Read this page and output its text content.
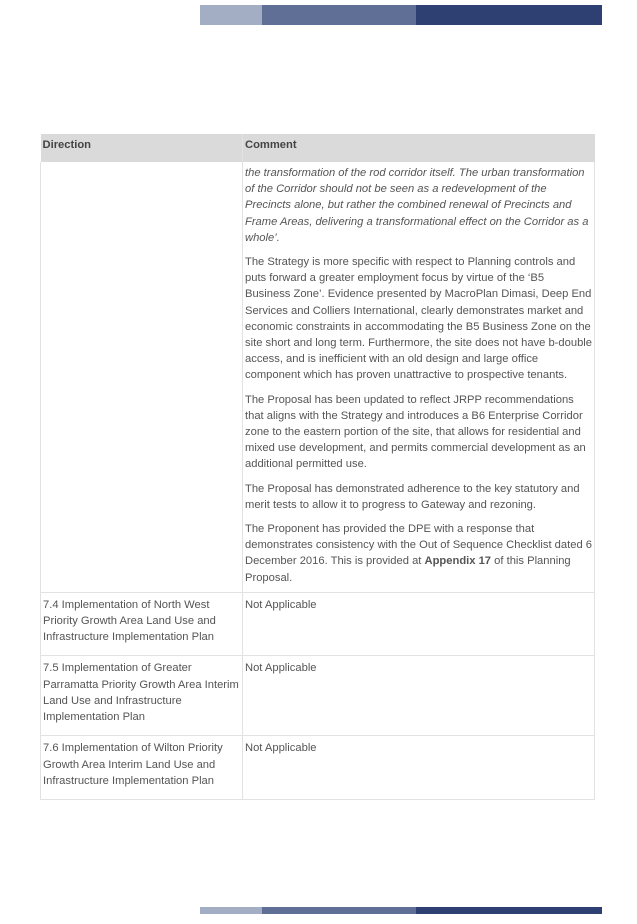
Direction	Comment

	the transformation of the rod corridor itself. The urban transformation of the Corridor should not be seen as a redevelopment of the Precincts alone, but rather the combined renewal of Precincts and Frame Areas, delivering a transformational effect on the Corridor as a whole’.

The Strategy is more specific with respect to Planning controls and puts forward a greater employment focus by virtue of the ‘B5 Business Zone’. Evidence presented by MacroPlan Dimasi, Deep End Services and Colliers International, clearly demonstrates market and economic constraints in accommodating the B5 Business Zone on the site short and long term. Furthermore, the site does not have b-double access, and is inefficient with an old design and large office component which has proven unattractive to prospective tenants.

The Proposal has been updated to reflect JRPP recommendations that aligns with the Strategy and introduces a B6 Enterprise Corridor zone to the eastern portion of the site, that allows for residential and mixed use development, and permits commercial development as an additional permitted use.

The Proposal has demonstrated adherence to the key statutory and merit tests to allow it to progress to Gateway and rezoning.

The Proponent has provided the DPE with a response that demonstrates consistency with the Out of Sequence Checklist dated 6 December 2016. This is provided at Appendix 17 of this Planning Proposal.

7.4 Implementation of North West Priority Growth Area Land Use and Infrastructure Implementation Plan	Not Applicable
7.5 Implementation of Greater Parramatta Priority Growth Area Interim Land Use and Infrastructure Implementation Plan	Not Applicable
7.6 Implementation of Wilton Priority Growth Area Interim Land Use and Infrastructure Implementation Plan	Not Applicable
